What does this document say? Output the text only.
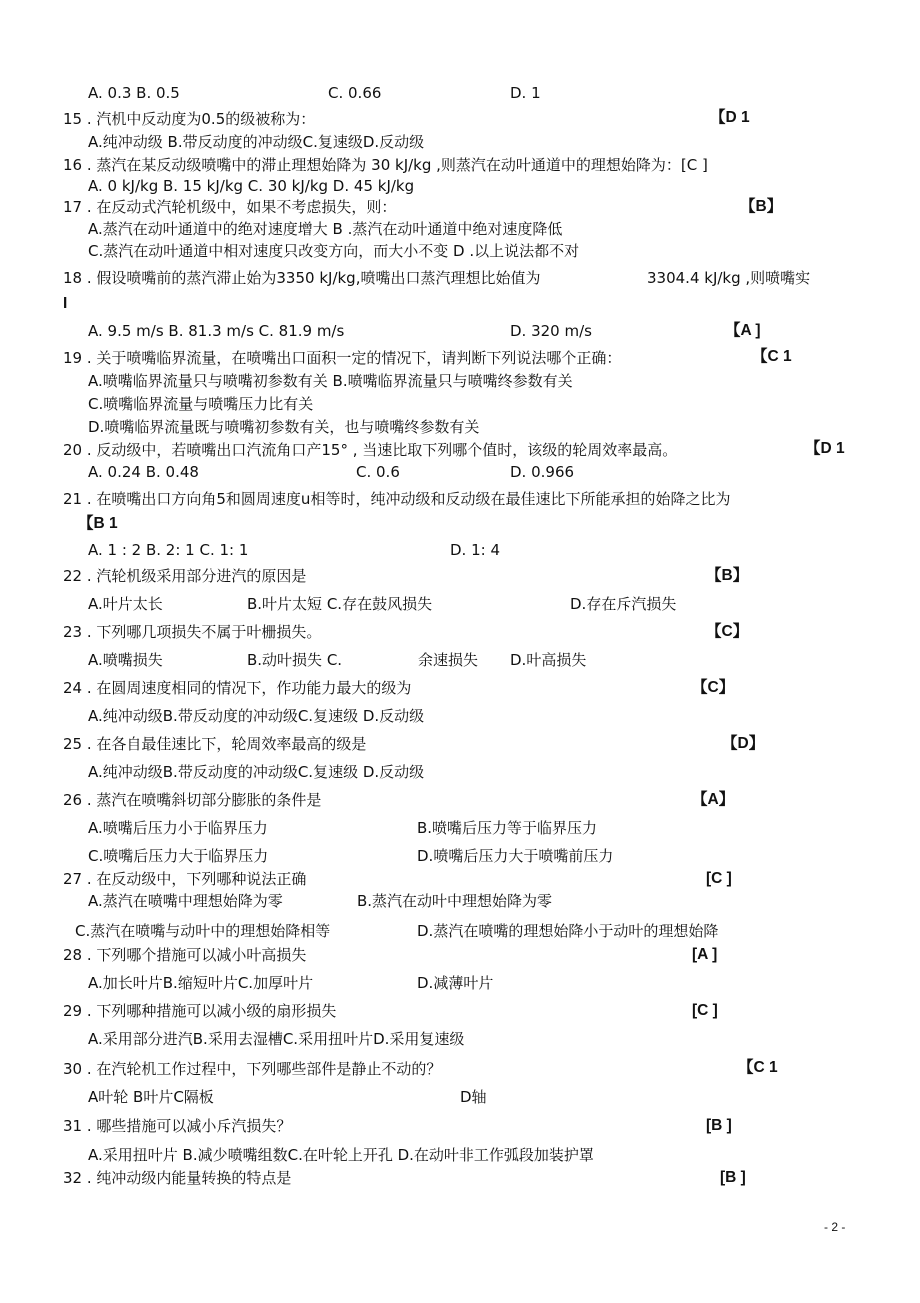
A. 0.3 B. 0.5	C. 0.66	D. 1
15 . 汽机中反动度为0.5的级被称为：	【D 1
A.纯冲动级 B.带反动度的冲动级C.复速级D.反动级
16 . 蒸汽在某反动级喷嘴中的滞止理想始降为 30 kJ/kg ,则蒸汽在动叶通道中的理想始降为：[C ]
A. 0 kJ/kg B. 15 kJ/kg C. 30 kJ/kg D. 45 kJ/kg
17 . 在反动式汽轮机级中，如果不考虑损失，则：	【B】
A.蒸汽在动叶通道中的绝对速度增大 B .蒸汽在动叶通道中绝对速度降低
C.蒸汽在动叶通道中相对速度只改变方向，而大小不变 D .以上说法都不对
18 . 假设喷嘴前的蒸汽滞止始为3350 kJ/kg,喷嘴出口蒸汽理想比始值为	3304.4 kJ/kg ,则喷嘴实
I
A. 9.5 m/s B. 81.3 m/s C. 81.9 m/s	D. 320 m/s	【A ]
19 . 关于喷嘴临界流量，在喷嘴出口面积一定的情况下，请判断下列说法哪个正确：	【C 1
A.喷嘴临界流量只与喷嘴初参数有关 B.喷嘴临界流量只与喷嘴终参数有关
C.喷嘴临界流量与喷嘴压力比有关
D.喷嘴临界流量既与喷嘴初参数有关，也与喷嘴终参数有关
20 . 反动级中，若喷嘴出口汽流角口产15° , 当速比取下列哪个值时，该级的轮周效率最高。	【D 1
A. 0.24 B. 0.48	C. 0.6	D. 0.966
21 . 在喷嘴出口方向角5和圆周速度u相等时，纯冲动级和反动级在最佳速比下所能承担的始降之比为
【B 1
A. 1 : 2 B. 2: 1 C. 1: 1	D. 1: 4
22 . 汽轮机级采用部分进汽的原因是	【B】
A.叶片太长	B.叶片太短 C.存在鼓风损失	D.存在斥汽损失
23 . 下列哪几项损失不属于叶栅损失。	【C】
A.喷嘴损失	B.动叶损失 C.	余速损失 D.叶高损失
24 . 在圆周速度相同的情况下，作功能力最大的级为	【C】
A.纯冲动级B.带反动度的冲动级C.复速级 D.反动级
25 . 在各自最佳速比下，轮周效率最高的级是	【D】
A.纯冲动级B.带反动度的冲动级C.复速级 D.反动级
26 . 蒸汽在喷嘴斜切部分膨胀的条件是	【A】
A.喷嘴后压力小于临界压力	B.喷嘴后压力等于临界压力
C.喷嘴后压力大于临界压力	D.喷嘴后压力大于喷嘴前压力
27 . 在反动级中，下列哪种说法正确	[C ]
A.蒸汽在喷嘴中理想始降为零	B.蒸汽在动叶中理想始降为零
C.蒸汽在喷嘴与动叶中的理想始降相等	D.蒸汽在喷嘴的理想始降小于动叶的理想始降
28 . 下列哪个措施可以减小叶高损失	[A ]
A.加长叶片B.缩短叶片C.加厚叶片	D.减薄叶片
29 . 下列哪种措施可以减小级的扇形损失	[C ]
A.采用部分进汽B.采用去湿槽C.采用扭叶片D.采用复速级
30 . 在汽轮机工作过程中，下列哪些部件是静止不动的？	【C 1
A叶轮 B叶片C隔板	D轴
31 . 哪些措施可以减小斥汽损失？	[B ]
A.采用扭叶片 B.减少喷嘴组数C.在叶轮上开孔 D.在动叶非工作弧段加装护罩
32 . 纯冲动级内能量转换的特点是	[B ]
- 2 -
